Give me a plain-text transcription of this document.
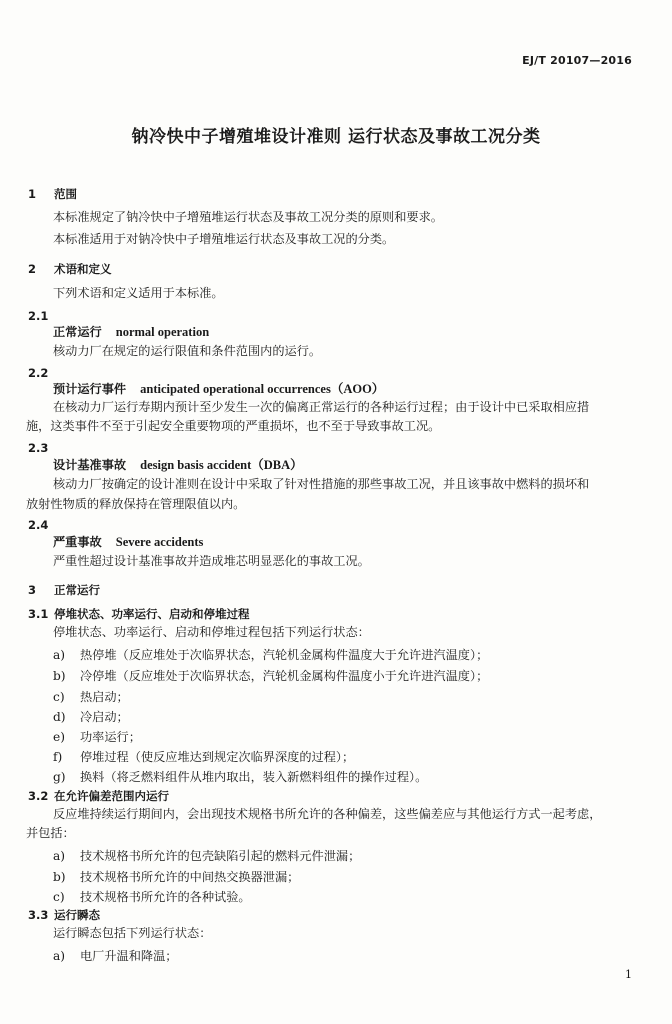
EJ/T 20107—2016
钠冷快中子增殖堆设计准则 运行状态及事故工况分类
1 范围
本标准规定了钠冷快中子增殖堆运行状态及事故工况分类的原则和要求。
本标准适用于对钠冷快中子增殖堆运行状态及事故工况的分类。
2 术语和定义
下列术语和定义适用于本标准。
2.1
正常运行 normal operation
核动力厂在规定的运行限值和条件范围内的运行。
2.2
预计运行事件 anticipated operational occurrences（AOO）
在核动力厂运行寿期内预计至少发生一次的偏离正常运行的各种运行过程；由于设计中已采取相应措
施，这类事件不至于引起安全重要物项的严重损坏，也不至于导致事故工况。
2.3
设计基准事故 design basis accident（DBA）
核动力厂按确定的设计准则在设计中采取了针对性措施的那些事故工况，并且该事故中燃料的损坏和
放射性物质的释放保持在管理限值以内。
2.4
严重事故 Severe accidents
严重性超过设计基准事故并造成堆芯明显恶化的事故工况。
3 正常运行
3.1 停堆状态、功率运行、启动和停堆过程
停堆状态、功率运行、启动和停堆过程包括下列运行状态：
a) 热停堆（反应堆处于次临界状态，汽轮机金属构件温度大于允许进汽温度）；
b) 冷停堆（反应堆处于次临界状态，汽轮机金属构件温度小于允许进汽温度）；
c) 热启动；
d) 冷启动；
e) 功率运行；
f) 停堆过程（使反应堆达到规定次临界深度的过程）；
g) 换料（将乏燃料组件从堆内取出，装入新燃料组件的操作过程）。
3.2 在允许偏差范围内运行
反应堆持续运行期间内，会出现技术规格书所允许的各种偏差，这些偏差应与其他运行方式一起考虑，
并包括：
a) 技术规格书所允许的包壳缺陷引起的燃料元件泄漏；
b) 技术规格书所允许的中间热交换器泄漏；
c) 技术规格书所允许的各种试验。
3.3 运行瞬态
运行瞬态包括下列运行状态：
a) 电厂升温和降温；
1
